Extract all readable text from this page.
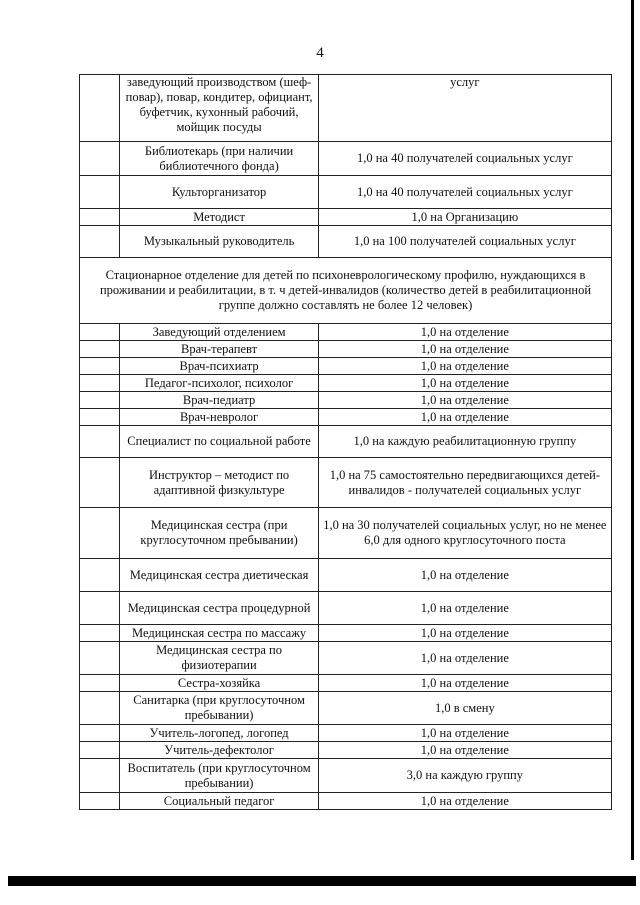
4
	заведующий производством (шеф-повар), повар, кондитер, официант, буфетчик, кухонный рабочий, мойщик посуды	услуг
	Библиотекарь (при наличии библиотечного фонда)	1,0 на 40 получателей социальных услуг
	Культорганизатор	1,0 на 40 получателей социальных услуг
	Методист	1,0 на Организацию
	Музыкальный руководитель	1,0 на 100 получателей социальных услуг
Стационарное отделение для детей по психоневрологическому профилю, нуждающихся в проживании и реабилитации, в т. ч детей-инвалидов (количество детей в реабилитационной группе должно составлять не более 12 человек)		
	Заведующий отделением	1,0 на отделение
	Врач-терапевт	1,0 на отделение
	Врач-психиатр	1,0 на отделение
	Педагог-психолог, психолог	1,0 на отделение
	Врач-педиатр	1,0 на отделение
	Врач-невролог	1,0 на отделение
	Специалист по социальной работе	1,0 на каждую реабилитационную группу
	Инструктор – методист по адаптивной физкультуре	1,0 на 75 самостоятельно передвигающихся детей-инвалидов - получателей социальных услуг
	Медицинская сестра (при круглосуточном пребывании)	1,0 на 30 получателей социальных услуг, но не менее 6,0 для одного круглосуточного поста
	Медицинская сестра диетическая	1,0 на отделение
	Медицинская сестра процедурной	1,0 на отделение
	Медицинская сестра по массажу	1,0 на отделение
	Медицинская сестра по физиотерапии	1,0 на отделение
	Сестра-хозяйка	1,0 на отделение
	Санитарка (при круглосуточном пребывании)	1,0 в смену
	Учитель-логопед, логопед	1,0 на отделение
	Учитель-дефектолог	1,0 на отделение
	Воспитатель (при круглосуточном пребывании)	3,0 на каждую группу
	Социальный педагог	1,0 на отделение
